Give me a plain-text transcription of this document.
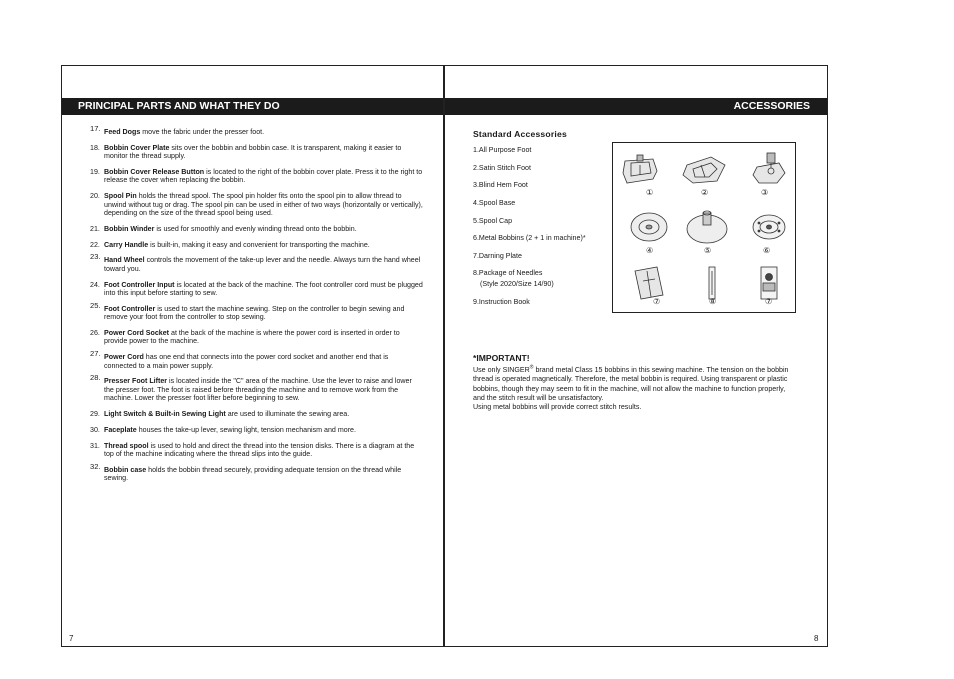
PRINCIPAL PARTS AND WHAT THEY DO	ACCESSORIES
17. Feed Dogs move the fabric under the presser foot.
18. Bobbin Cover Plate sits over the bobbin and bobbin case. It is transparent, making it easier to monitor the thread supply.
19. Bobbin Cover Release Button is located to the right of the bobbin cover plate. Press it to the right to release the cover when replacing the bobbin.
20. Spool Pin holds the thread spool. The spool pin holder fits onto the spool pin to allow thread to unwind without tug or drag. The spool pin can be used in either of two ways (horizontally or vertically), depending on the size of the thread spool being used.
21. Bobbin Winder is used for smoothly and evenly winding thread onto the bobbin.
22. Carry Handle is built-in, making it easy and convenient for transporting the machine.
23. Hand Wheel controls the movement of the take-up lever and the needle. Always turn the hand wheel toward you.
24. Foot Controller Input is located at the back of the machine. The foot controller cord must be plugged into this input before starting to sew.
25. Foot Controller is used to start the machine sewing. Step on the controller to begin sewing and remove your foot from the controller to stop sewing.
26. Power Cord Socket at the back of the machine is where the power cord is inserted in order to provide power to the machine.
27. Power Cord has one end that connects into the power cord socket and another end that is connected to a main power supply.
28. Presser Foot Lifter is located inside the "C" area of the machine. Use the lever to raise and lower the presser foot. The foot is raised before threading the machine and to remove work from the machine. Lower the presser foot lifter before beginning to sew.
29. Light Switch & Built-in Sewing Light are used to illuminate the sewing area.
30. Faceplate houses the take-up lever, sewing light, tension mechanism and more.
31. Thread spool is used to hold and direct the thread into the tension disks. There is a diagram at the top of the machine indicating where the thread slips into the guide.
32. Bobbin case holds the bobbin thread securely, providing adequate tension on the thread while sewing.
7	8
Standard Accessories
1.All Purpose Foot
2.Satin Stitch Foot
3.Blind Hem Foot
4.Spool Base
5.Spool Cap
6.Metal Bobbins (2 + 1 in machine)*
7.Darning Plate
8.Package of Needles
(Style 2020/Size 14/90)
9.Instruction Book
①	②	③
④	⑤	⑥
⑦	⑧	⑦
*IMPORTANT!

Use only SINGER® brand metal Class 15 bobbins in this sewing machine. The tension on the bobbin thread is operated magnetically. Therefore, the metal bobbin is required. Using transparent or plastic bobbins, though they may seem to fit in the machine, will not allow the machine to function properly, and the stitch result will be unsatisfactory.

Using metal bobbins will provide correct stitch results.
